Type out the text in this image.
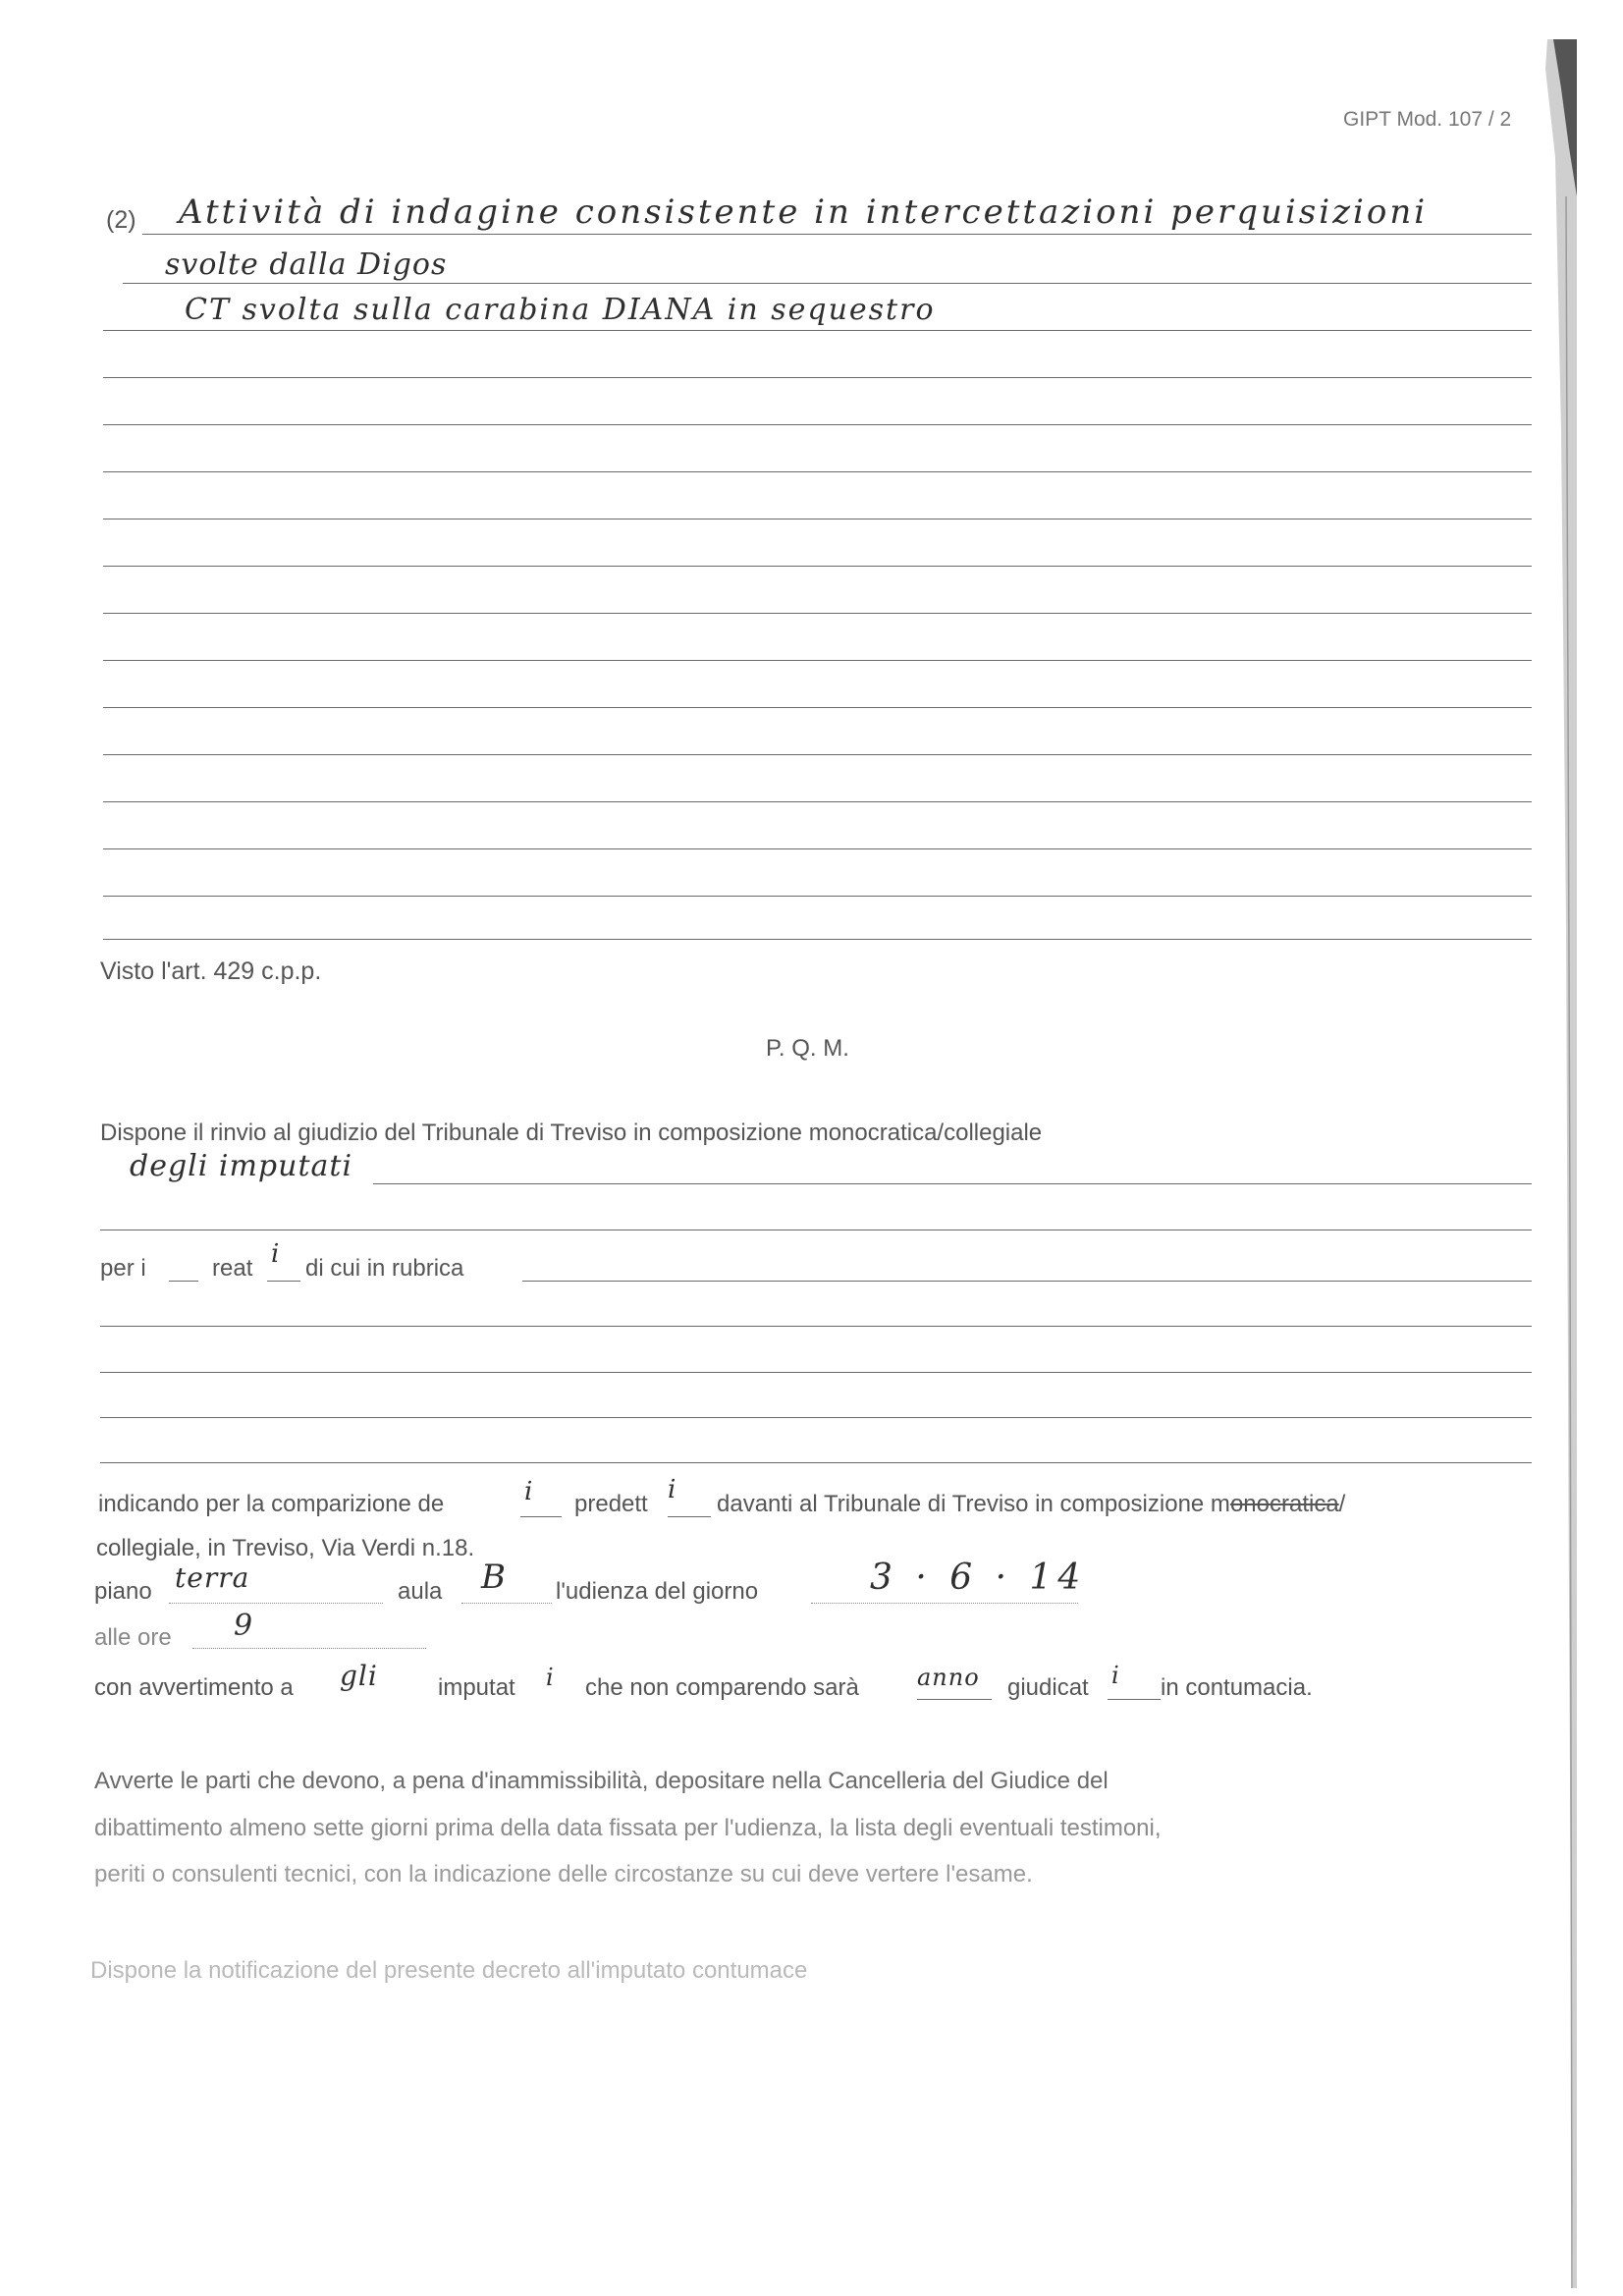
GIPT Mod. 107 / 2
(2) Attività di indagine consistente in intercettazioni perquisizioni
svolte dalla Digos
CT svolta sulla carabina DIANA in sequestro
Visto l'art. 429 c.p.p.
P. Q. M.
Dispone il rinvio al giudizio del Tribunale di Treviso in composizione monocratica/collegiale
degli imputati
per i	reat i di cui in rubrica
indicando per la comparizione de	i predett i davanti al Tribunale di Treviso in composizione monocratica/
collegiale, in Treviso, Via Verdi n.18.
piano terra	aula B l'udienza del giorno	3 · 6 · 14
alle ore 9
con avvertimento a gli	imputat i che non comparendo sarà anno giudicat i in contumacia.
Avverte le parti che devono, a pena d'inammissibilità, depositare nella Cancelleria del Giudice del
dibattimento almeno sette giorni prima della data fissata per l'udienza, la lista degli eventuali testimoni,
periti o consulenti tecnici, con la indicazione delle circostanze su cui deve vertere l'esame.
Dispone la notificazione del presente decreto all'imputato contumace
